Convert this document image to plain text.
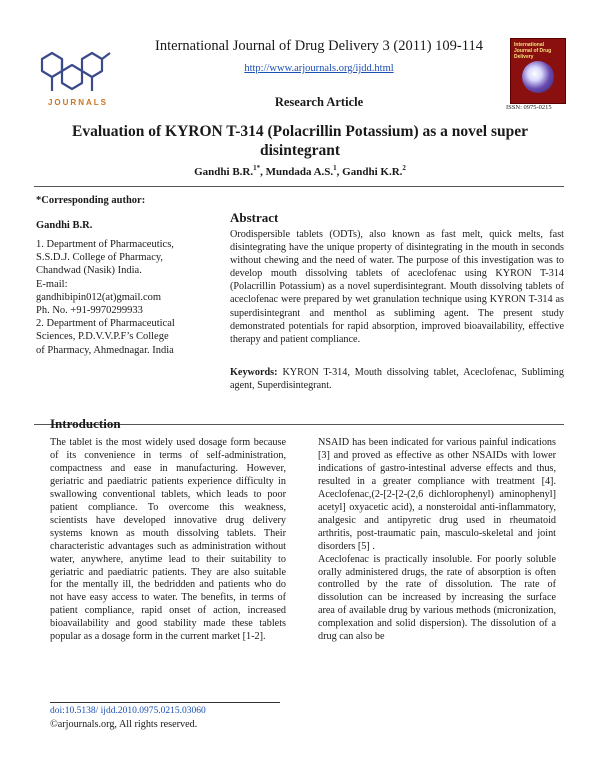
JOURNALS
International Journal of Drug Delivery 3 (2011) 109-114
http://www.arjournals.org/ijdd.html
Research Article
International Journal of Drug Delivery
ISSN: 0975-0215
Evaluation of KYRON T-314 (Polacrillin Potassium) as a novel super disintegrant
Gandhi B.R.$^{1*}$, Mundada A.S.$^1$, Gandhi K.R.$^2$
*Corresponding author:
Gandhi B.R.
1. Department of Pharmaceutics,
S.S.D.J. College of Pharmacy,
Chandwad (Nasik) India.
E-mail:
gandhibipin012(at)gmail.com
Ph. No. +91-9970299933
2. Department of Pharmaceutical
Sciences, P.D.V.V.P.F’s College
of Pharmacy, Ahmednagar. India
Abstract
Orodispersible tablets (ODTs), also known as fast melt, quick melts, fast disintegrating have the unique property of disintegrating in the mouth in seconds without chewing and the need of water. The purpose of this investigation was to develop mouth dissolving tablets of aceclofenac using KYRON T-314 (Polacrillin Potassium) as a novel superdisintegrant. Mouth dissolving tablets of aceclofenac were prepared by wet granulation technique using KYRON T-314 as superdisintegrant and menthol as subliming agent. The present study demonstrated potentials for rapid absorption, improved bioavailability, effective therapy and patient compliance.
Keywords: KYRON T-314, Mouth dissolving tablet, Aceclofenac, Subliming agent, Superdisintegrant.
Introduction
The tablet is the most widely used dosage form because of its convenience in terms of self-administration, compactness and ease in manufacturing. However, geriatric and paediatric patients experience difficulty in swallowing conventional tablets, which leads to poor patient compliance. To overcome this weakness, scientists have developed innovative drug delivery systems known as mouth dissolving tablets. Their characteristic advantages such as administration without water, anywhere, anytime lead to their suitability to geriatric and paediatric patients. They are also suitable for the mentally ill, the bedridden and patients who do not have easy access to water. The benefits, in terms of patient compliance, rapid onset of action, increased bioavailability and good stability made these tablets popular as a dosage form in the current market [1-2].
NSAID has been indicated for various painful indications [3] and proved as effective as other NSAIDs with lower indications of gastro-intestinal adverse effects and thus, resulted in a greater compliance with treatment [4]. Aceclofenac,(2-[2-[2-(2,6 dichlorophenyl) aminophenyl] acetyl] oxyacetic acid), a nonsteroidal anti-inflammatory, analgesic and antipyretic drug used in rheumatoid arthritis, post-traumatic pain, masculo-skeletal and joint disorders [5] .
Aceclofenac is practically insoluble. For poorly soluble orally administered drugs, the rate of absorption is often controlled by the rate of dissolution. The rate of dissolution can be increased by increasing the surface area of available drug by various methods (micronization, complexation and solid dispersion). The dissolution of a drug can also be
doi:10.5138/ ijdd.2010.0975.0215.03060
©arjournals.org, All rights reserved.
